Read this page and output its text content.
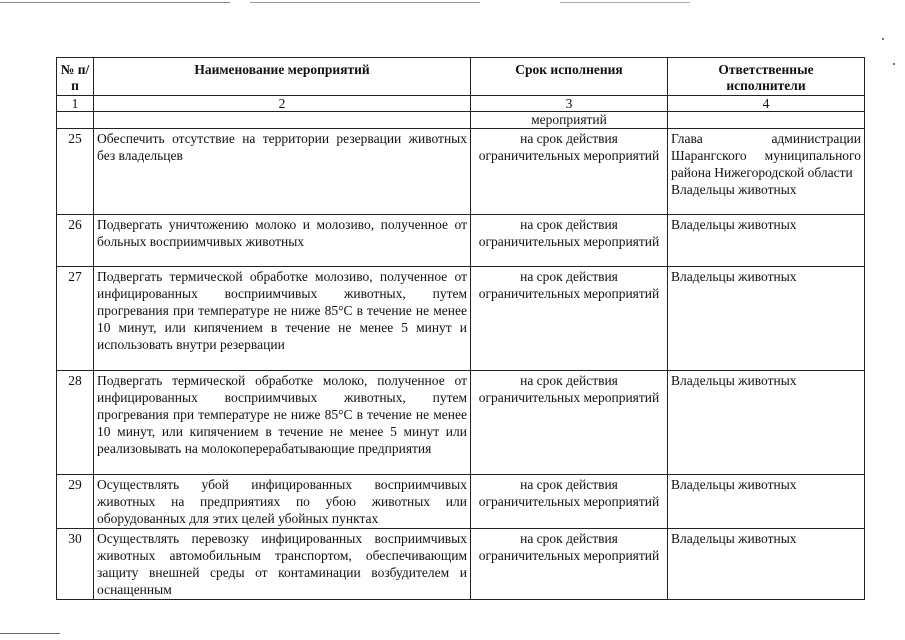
№ п/п	Наименование мероприятий	Срок исполнения	Ответственные исполнители
1	2	3	4
		мероприятий	
25	Обеспечить отсутствие на территории резервации животных без владельцев	на срок действия ограничительных мероприятий	Глава администрации Шарангского муниципального района Нижегородской области
Владельцы животных

26	Подвергать уничтожению молоко и молозиво, полученное от больных восприимчивых животных	на срок действия ограничительных мероприятий	Владельцы животных

27	Подвергать термической обработке молозиво, полученное от инфицированных восприимчивых животных, путем прогревания при температуре не ниже 85°С в течение не менее 10 минут, или кипячением в течение не менее 5 минут и использовать внутри резервации	на срок действия ограничительных мероприятий	Владельцы животных

28	Подвергать термической обработке молоко, полученное от инфицированных восприимчивых животных, путем прогревания при температуре не ниже 85°С в течение не менее 10 минут, или кипячением в течение не менее 5 минут или реализовывать на молокоперерабатывающие предприятия	на срок действия ограничительных мероприятий	Владельцы животных

29	Осуществлять убой инфицированных восприимчивых животных на предприятиях по убою животных или оборудованных для этих целей убойных пунктах	на срок действия ограничительных мероприятий	Владельцы животных

30	Осуществлять перевозку инфицированных восприимчивых животных автомобильным транспортом, обеспечивающим защиту внешней среды от контаминации возбудителем и оснащенным	на срок действия ограничительных мероприятий	Владельцы животных
